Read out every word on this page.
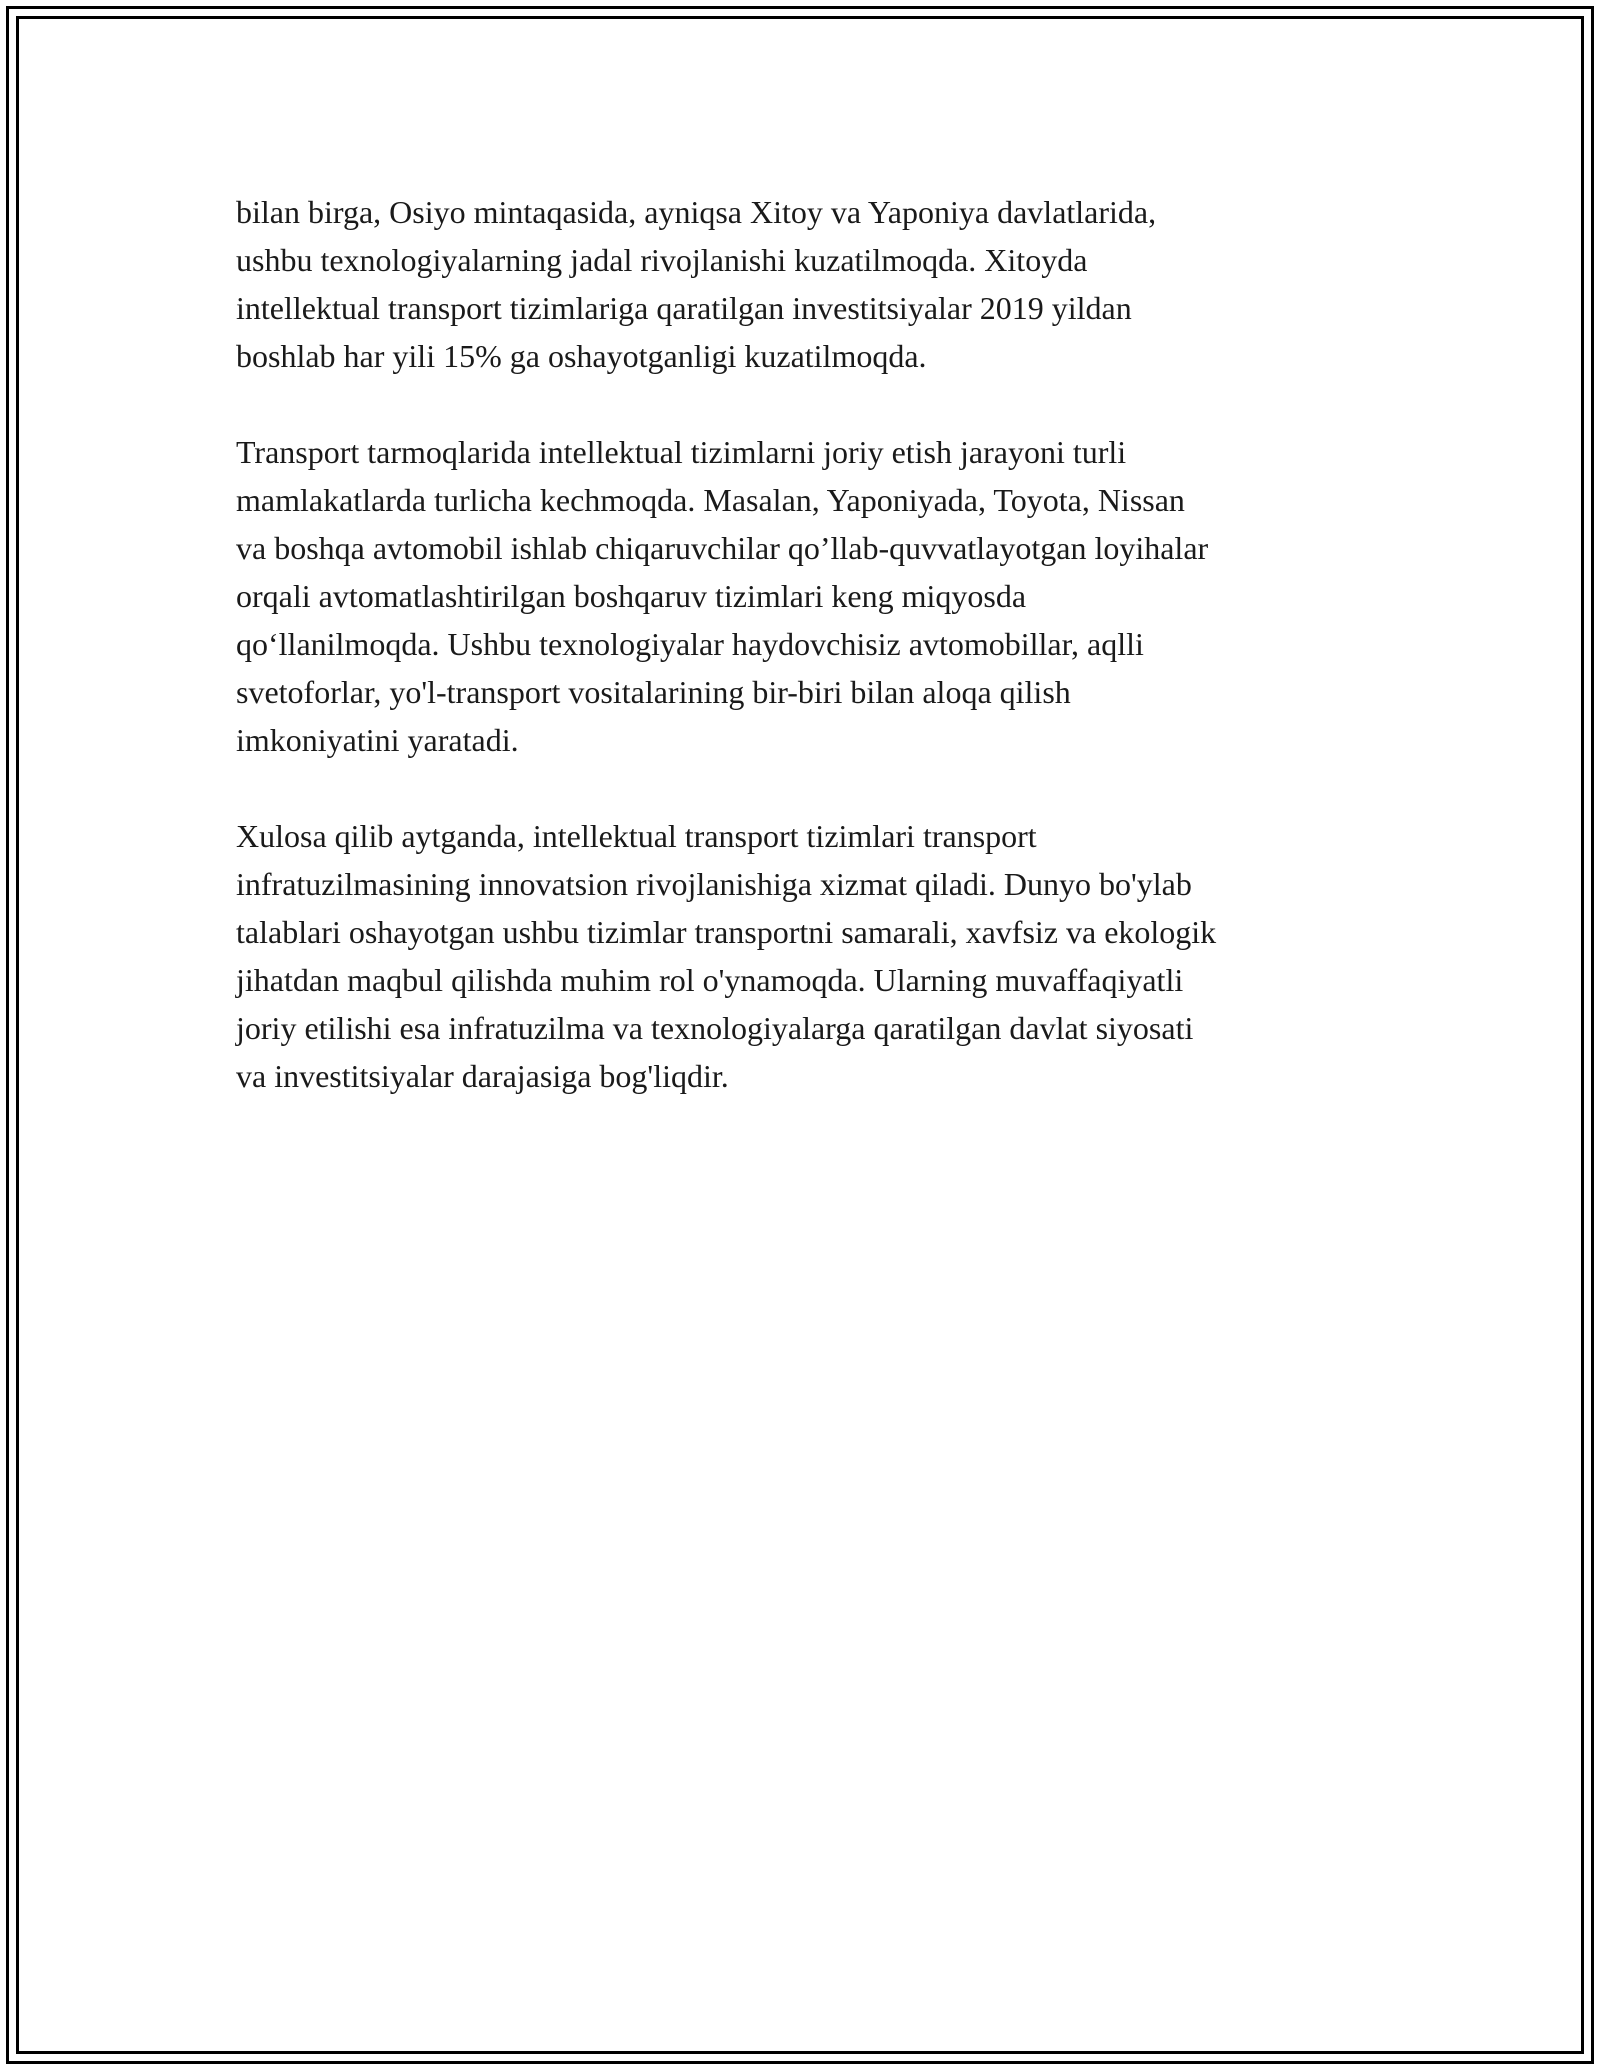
bilan birga, Osiyo mintaqasida, ayniqsa Xitoy va Yaponiya davlatlarida,
ushbu texnologiyalarning jadal rivojlanishi kuzatilmoqda. Xitoyda
intellektual transport tizimlariga qaratilgan investitsiyalar 2019 yildan
boshlab har yili 15% ga oshayotganligi kuzatilmoqda.

Transport tarmoqlarida intellektual tizimlarni joriy etish jarayoni turli
mamlakatlarda turlicha kechmoqda. Masalan, Yaponiyada, Toyota, Nissan
va boshqa avtomobil ishlab chiqaruvchilar qo’llab-quvvatlayotgan loyihalar
orqali avtomatlashtirilgan boshqaruv tizimlari keng miqyosda
qo‘llanilmoqda. Ushbu texnologiyalar haydovchisiz avtomobillar, aqlli
svetoforlar, yo'l-transport vositalarining bir-biri bilan aloqa qilish
imkoniyatini yaratadi.

Xulosa qilib aytganda, intellektual transport tizimlari transport
infratuzilmasining innovatsion rivojlanishiga xizmat qiladi. Dunyo bo'ylab
talablari oshayotgan ushbu tizimlar transportni samarali, xavfsiz va ekologik
jihatdan maqbul qilishda muhim rol o'ynamoqda. Ularning muvaffaqiyatli
joriy etilishi esa infratuzilma va texnologiyalarga qaratilgan davlat siyosati
va investitsiyalar darajasiga bog'liqdir.
